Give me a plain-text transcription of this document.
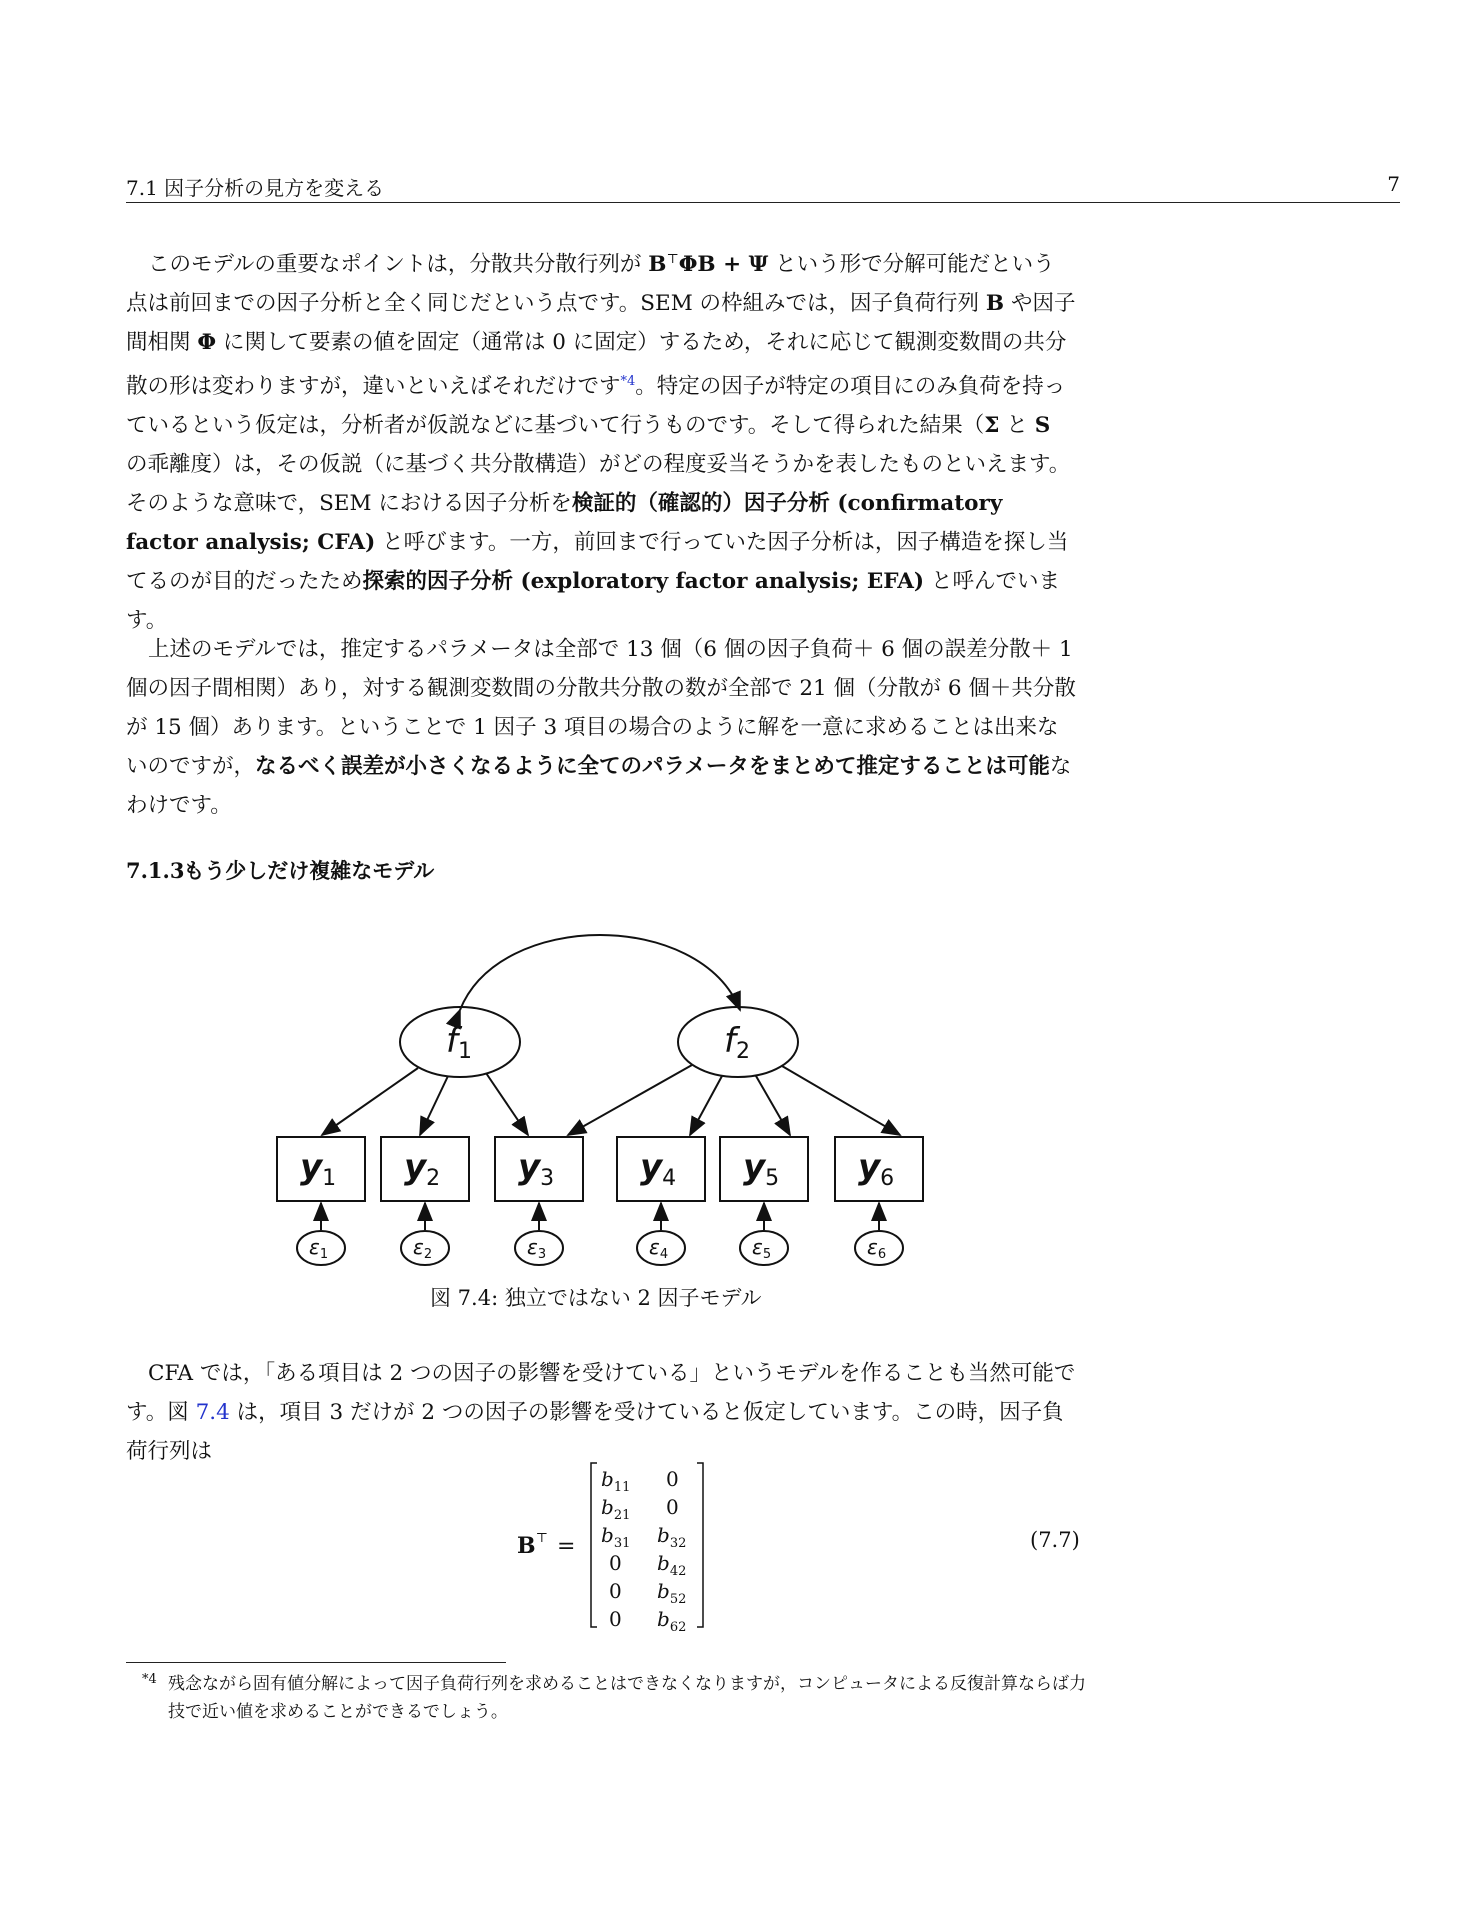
7.1 因子分析の見方を変える	7

このモデルの重要なポイントは，分散共分散行列が B⊤ΦB + Ψ という形で分解可能だという点は前回までの因子分析と全く同じだという点です。SEM の枠組みでは，因子負荷行列 B や因子間相関 Φ に関して要素の値を固定（通常は 0 に固定）するため，それに応じて観測変数間の共分散の形は変わりますが，違いといえばそれだけです$^{*4}$。特定の因子が特定の項目にのみ負荷を持っているという仮定は，分析者が仮説などに基づいて行うものです。そして得られた結果（Σ と S の乖離度）は，その仮説（に基づく共分散構造）がどの程度妥当そうかを表したものといえます。そのような意味で，SEM における因子分析を検証的（確認的）因子分析 (confirmatory factor analysis; CFA) と呼びます。一方，前回まで行っていた因子分析は，因子構造を探し当てるのが目的だったため探索的因子分析 (exploratory factor analysis; EFA) と呼んでいます。

上述のモデルでは，推定するパラメータは全部で 13 個（6 個の因子負荷＋ 6 個の誤差分散＋ 1 個の因子間相関）あり，対する観測変数間の分散共分散の数が全部で 21 個（分散が 6 個＋共分散が 15 個）あります。ということで 1 因子 3 項目の場合のように解を一意に求めることは出来ないのですが，なるべく誤差が小さくなるように全てのパラメータをまとめて推定することは可能なわけです。

7.1.3 もう少しだけ複雑なモデル
f1	f2
$y_1$ $y_2$ $y_3$	$y_4$ $y_5$ $y_6$
$\varepsilon_1$	$\varepsilon_2$	$\varepsilon_3$	$\varepsilon_4$	$\varepsilon_5$	$\varepsilon_6$
図 7.4: 独立ではない 2 因子モデル

CFA では，「ある項目は 2 つの因子の影響を受けている」というモデルを作ることも当然可能です。図 7.4 は，項目 3 だけが 2 つの因子の影響を受けていると仮定しています。この時，因子負荷行列は

B⊤ =
$b_{11}$ 0
$b_{21}$ 0
$b_{31}$ $b_{32}$
0 $b_{42}$
0 $b_{52}$
0 $b_{62}$
(7.7)
*4 残念ながら固有値分解によって因子負荷行列を求めることはできなくなりますが，コンピュータによる反復計算ならば力技で近い値を求めることができるでしょう。
